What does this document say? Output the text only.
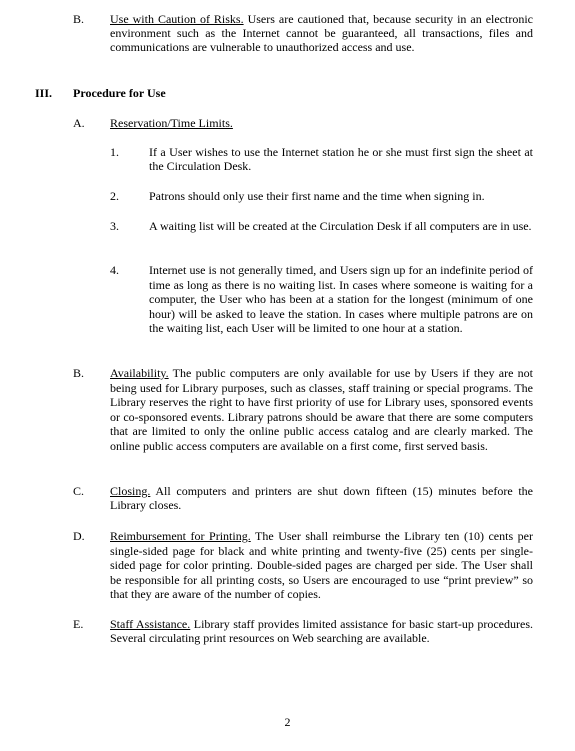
B. Use with Caution of Risks. Users are cautioned that, because security in an electronic environment such as the Internet cannot be guaranteed, all transactions, files and communications are vulnerable to unauthorized access and use.
III. Procedure for Use
A. Reservation/Time Limits.
1.	If a User wishes to use the Internet station he or she must first sign the sheet at the Circulation Desk.
2.	Patrons should only use their first name and the time when signing in.
3.	A waiting list will be created at the Circulation Desk if all computers are in use.
4.	Internet use is not generally timed, and Users sign up for an indefinite period of time as long as there is no waiting list. In cases where someone is waiting for a computer, the User who has been at a station for the longest (minimum of one hour) will be asked to leave the station. In cases where multiple patrons are on the waiting list, each User will be limited to one hour at a station.
B. Availability. The public computers are only available for use by Users if they are not being used for Library purposes, such as classes, staff training or special programs. The Library reserves the right to have first priority of use for Library uses, sponsored events or co-sponsored events. Library patrons should be aware that there are some computers that are limited to only the online public access catalog and are clearly marked. The online public access computers are available on a first come, first served basis.
C. Closing. All computers and printers are shut down fifteen (15) minutes before the Library closes.
D. Reimbursement for Printing. The User shall reimburse the Library ten (10) cents per single-sided page for black and white printing and twenty-five (25) cents per single-sided page for color printing. Double-sided pages are charged per side. The User shall be responsible for all printing costs, so Users are encouraged to use “print preview” so that they are aware of the number of copies.
E. Staff Assistance. Library staff provides limited assistance for basic start-up procedures. Several circulating print resources on Web searching are available.
2
